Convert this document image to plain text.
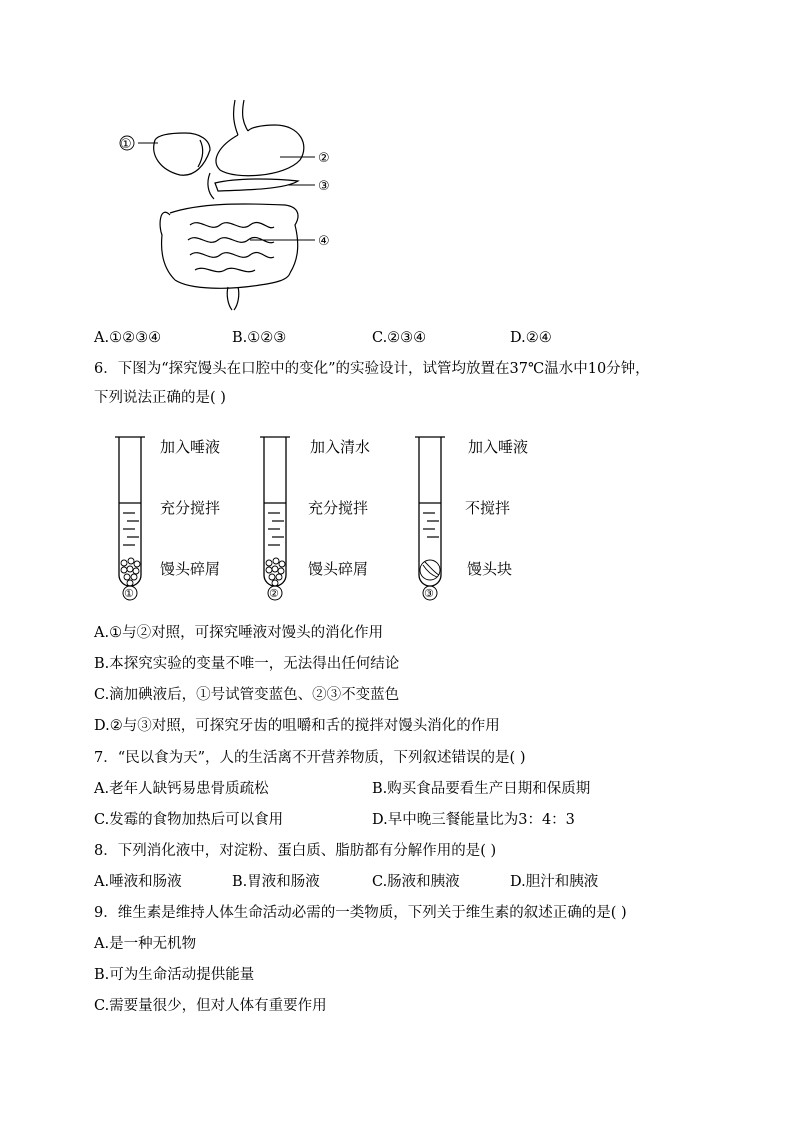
①
②
③
④
A.①②③④	B.①②③	C.②③④	D.②④
6．下图为“探究馒头在口腔中的变化”的实验设计，试管均放置在37℃温水中10分钟，
下列说法正确的是( )
加入唾液
充分搅拌
馒头碎屑
加入清水
充分搅拌
馒头碎屑
加入唾液
不搅拌
馒头块
①	②	③
A.①与②对照，可探究唾液对馒头的消化作用
B.本探究实验的变量不唯一，无法得出任何结论
C.滴加碘液后，①号试管变蓝色、②③不变蓝色
D.②与③对照，可探究牙齿的咀嚼和舌的搅拌对馒头消化的作用
7．“民以食为天”，人的生活离不开营养物质，下列叙述错误的是( )
A.老年人缺钙易患骨质疏松	B.购买食品要看生产日期和保质期
C.发霉的食物加热后可以食用	D.早中晚三餐能量比为3：4：3
8．下列消化液中，对淀粉、蛋白质、脂肪都有分解作用的是( )
A.唾液和肠液	B.胃液和肠液	C.肠液和胰液	D.胆汁和胰液
9．维生素是维持人体生命活动必需的一类物质，下列关于维生素的叙述正确的是( )
A.是一种无机物
B.可为生命活动提供能量
C.需要量很少，但对人体有重要作用
